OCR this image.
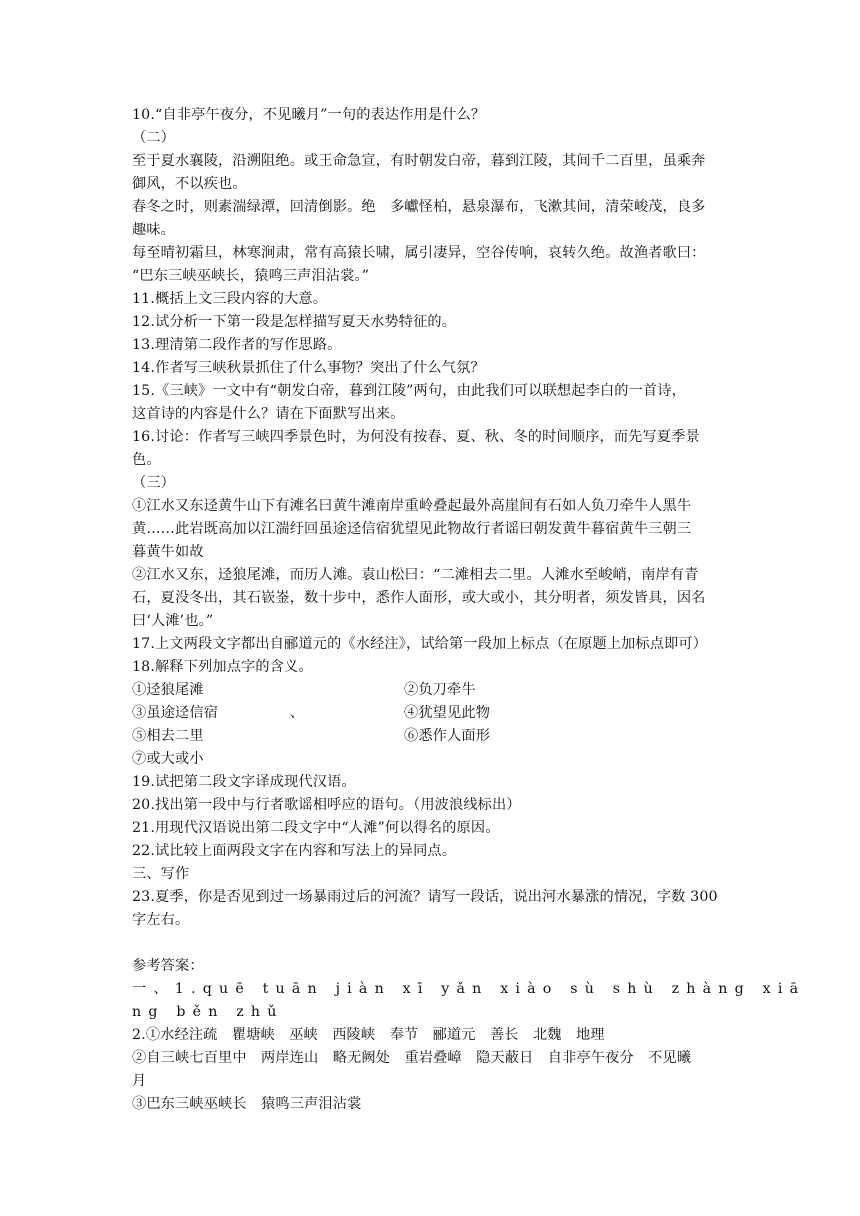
10.“自非亭午夜分，不见曦月”一句的表达作用是什么？
（二）
至于夏水襄陵，沿溯阻绝。或王命急宣，有时朝发白帝，暮到江陵，其间千二百里，虽乘奔
御风，不以疾也。
春冬之时，则素湍绿潭，回清倒影。绝　多巘怪柏，悬泉瀑布，飞漱其间，清荣峻茂，良多
趣味。
每至晴初霜旦，林寒涧肃，常有高猿长啸，属引凄异，空谷传响，哀转久绝。故渔者歌曰：
“巴东三峡巫峡长，猿鸣三声泪沾裳。”
11.概括上文三段内容的大意。
12.试分析一下第一段是怎样描写夏天水势特征的。
13.理清第二段作者的写作思路。
14.作者写三峡秋景抓住了什么事物？突出了什么气氛？
15.《三峡》一文中有“朝发白帝，暮到江陵”两句，由此我们可以联想起李白的一首诗，
这首诗的内容是什么？请在下面默写出来。
16.讨论：作者写三峡四季景色时，为何没有按春、夏、秋、冬的时间顺序，而先写夏季景
色。
（三）
①江水又东迳黄牛山下有滩名曰黄牛滩南岸重岭叠起最外高崖间有石如人负刀牵牛人黑牛
黄……此岩既高加以江湍纡回虽途迳信宿犹望见此物故行者谣曰朝发黄牛暮宿黄牛三朝三
暮黄牛如故
②江水又东，迳狼尾滩，而历人滩。袁山松曰：“二滩相去二里。人滩水至峻峭，南岸有青
石，夏没冬出，其石嵚崟，数十步中，悉作人面形，或大或小，其分明者，须发皆具，因名
曰‘人滩’也。”
17.上文两段文字都出自郦道元的《水经注》，试给第一段加上标点（在原题上加标点即可）
18.解释下列加点字的含义。
①迳狼尾滩	②负刀牵牛
③虽途迳信宿　　　　　、	④犹望见此物
⑤相去二里	⑥悉作人面形
⑦或大或小
19.试把第二段文字译成现代汉语。
20.找出第一段中与行者歌谣相呼应的语句。（用波浪线标出）
21.用现代汉语说出第二段文字中“人滩”何以得名的原因。
22.试比较上面两段文字在内容和写法上的异同点。
三、写作
23.夏季，你是否见到过一场暴雨过后的河流？请写一段话，说出河水暴涨的情况，字数 300
字左右。
参考答案：
一、1.quē tuān jiàn xī yǎn xiào sù shù zhàng xiā
ng běn zhǔ
2.①水经注疏　瞿塘峡　巫峡　西陵峡　奉节　郦道元　善长　北魏　地理
②自三峡七百里中　两岸连山　略无阙处　重岩叠嶂　隐天蔽日　自非亭午夜分　不见曦
月
③巴东三峡巫峡长　猿鸣三声泪沾裳
